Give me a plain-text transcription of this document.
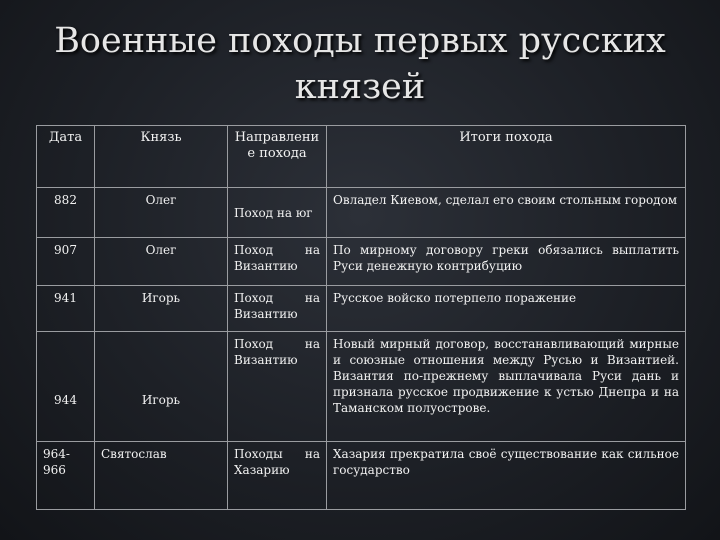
Военные походы первых русских
князей
Дата	Князь	Направлени е похода	Итоги похода
882	Олег	Поход на юг	Овладел Киевом, сделал его своим стольным городом
907	Олег	Поход на Византию	По мирному договору греки обязались выплатить Руси денежную контрибуцию
941	Игорь	Поход на Византию	Русское войско потерпело поражение
944	Игорь	Поход на Византию	Новый мирный договор, восстанавливающий мирные и союзные отношения между Русью и Византией. Византия по-прежнему выплачивала Руси дань и признала русское продвижение к устью Днепра и на Таманском полуострове.
964-966	Святослав	Походы на Хазарию	Хазария прекратила своё существование как сильное государство
